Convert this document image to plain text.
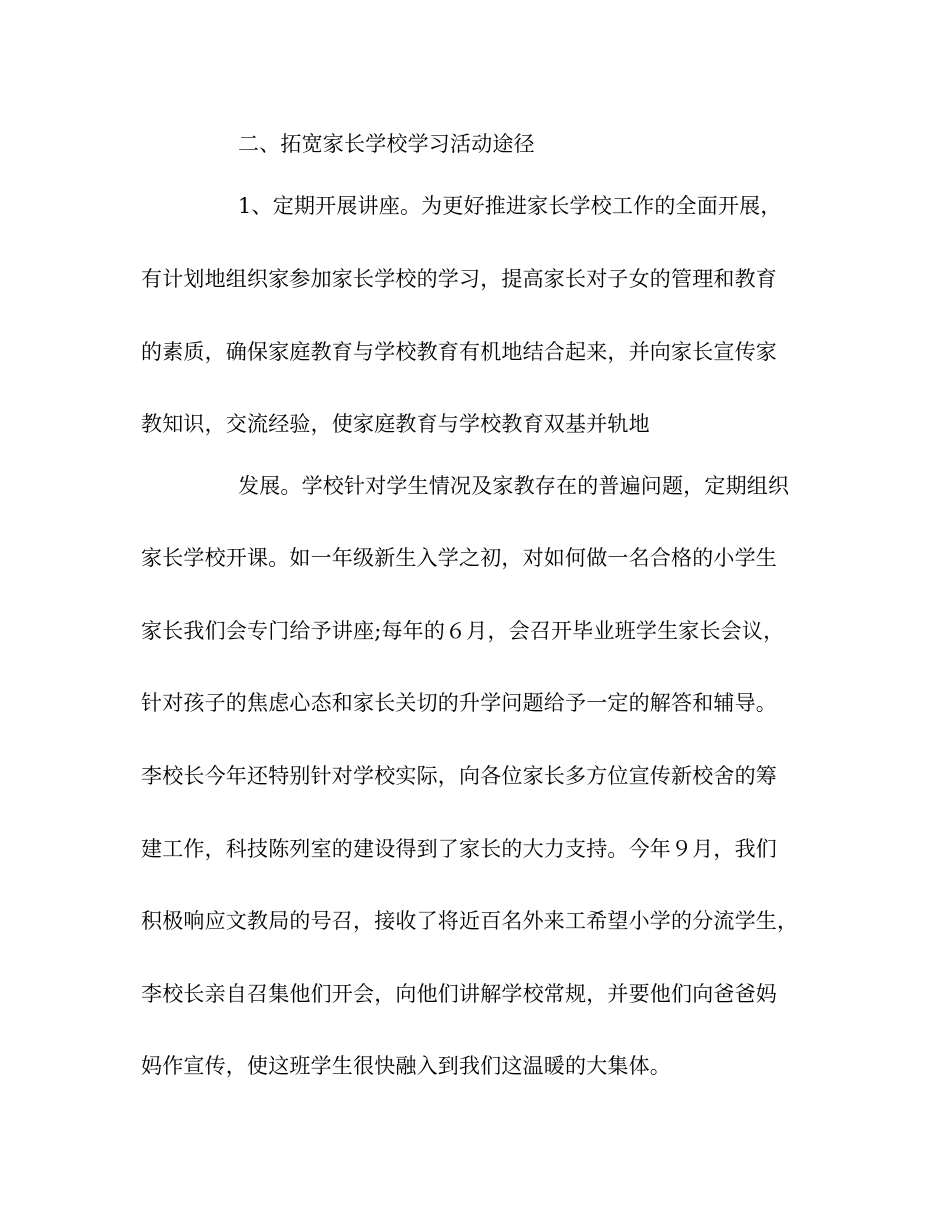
二、拓宽家长学校学习活动途径
1、定期开展讲座。为更好推进家长学校工作的全面开展，
有计划地组织家参加家长学校的学习，提高家长对子女的管理和教育
的素质，确保家庭教育与学校教育有机地结合起来，并向家长宣传家
教知识，交流经验，使家庭教育与学校教育双基并轨地
发展。学校针对学生情况及家教存在的普遍问题，定期组织
家长学校开课。如一年级新生入学之初，对如何做一名合格的小学生
家长我们会专门给予讲座;每年的６月，会召开毕业班学生家长会议，
针对孩子的焦虑心态和家长关切的升学问题给予一定的解答和辅导。
李校长今年还特别针对学校实际，向各位家长多方位宣传新校舍的筹
建工作，科技陈列室的建设得到了家长的大力支持。今年９月，我们
积极响应文教局的号召，接收了将近百名外来工希望小学的分流学生，
李校长亲自召集他们开会，向他们讲解学校常规，并要他们向爸爸妈
妈作宣传，使这班学生很快融入到我们这温暖的大集体。
